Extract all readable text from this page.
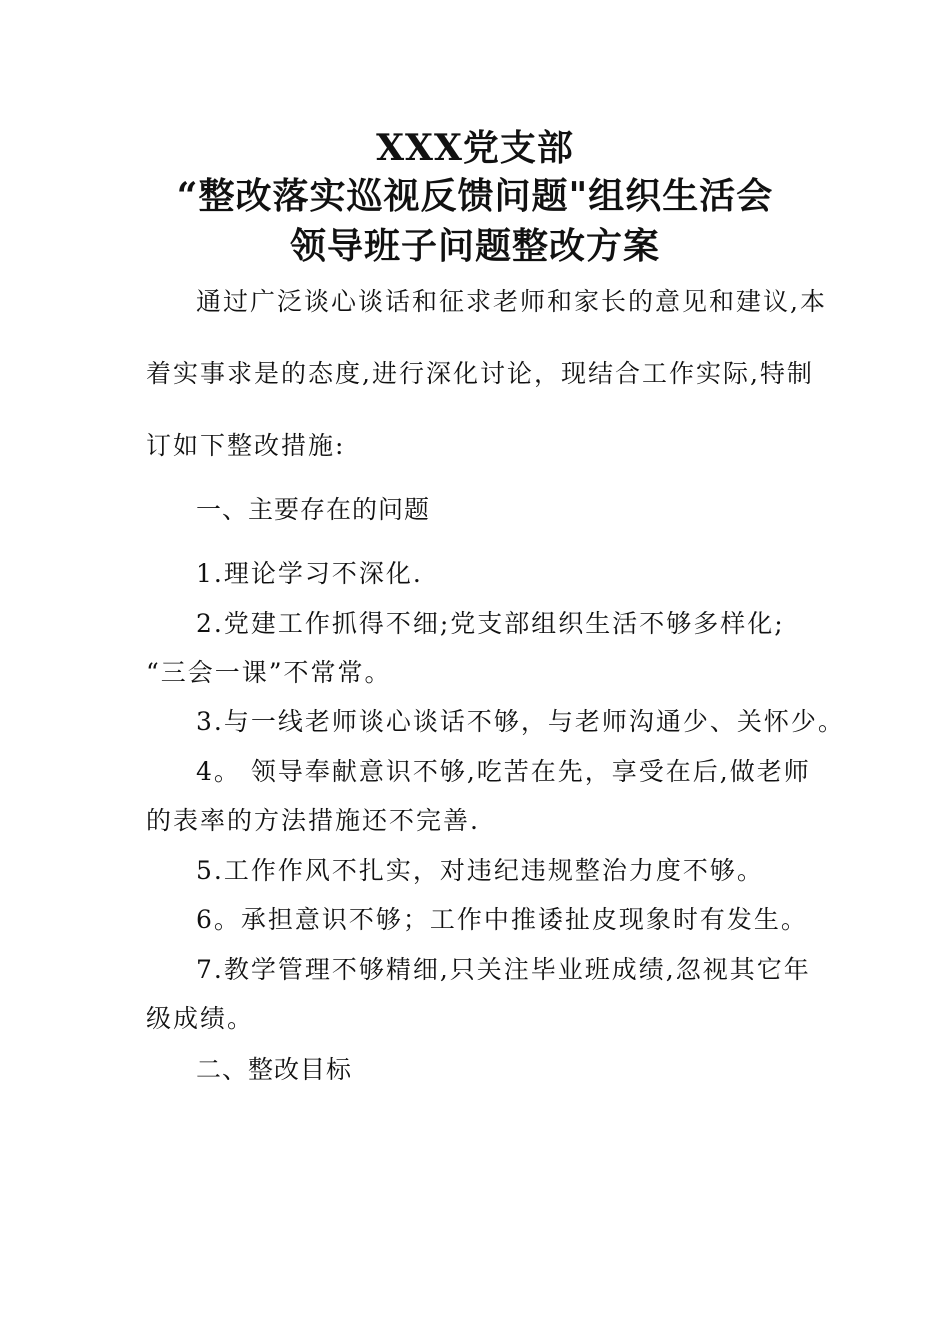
XXX党支部
“整改落实巡视反馈问题"组织生活会
领导班子问题整改方案
通过广泛谈心谈话和征求老师和家长的意见和建议,本
着实事求是的态度,进行深化讨论，现结合工作实际,特制
订如下整改措施:
一、主要存在的问题
1.理论学习不深化.
2.党建工作抓得不细;党支部组织生活不够多样化;
“三会一课”不常常。
3.与一线老师谈心谈话不够，与老师沟通少、关怀少。
4。 领导奉献意识不够,吃苦在先，享受在后,做老师
的表率的方法措施还不完善.
5.工作作风不扎实，对违纪违规整治力度不够。
6。承担意识不够；工作中推诿扯皮现象时有发生。
7.教学管理不够精细,只关注毕业班成绩,忽视其它年
级成绩。
二、整改目标
